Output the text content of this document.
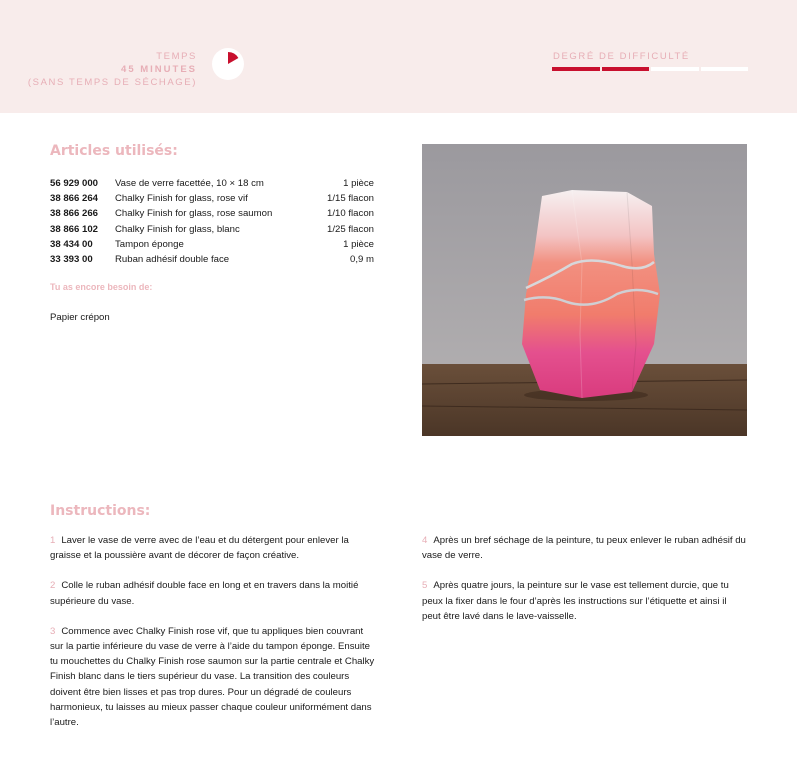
TEMPS
45 MINUTES
(SANS TEMPS DE SÉCHAGE)
DEGRÉ DE DIFFICULTÉ
Articles utilisés:
56 929 000	Vase de verre facettée, 10 × 18 cm	1 pièce
38 866 264	Chalky Finish for glass, rose vif	1/15 flacon
38 866 266	Chalky Finish for glass, rose saumon	1/10 flacon
38 866 102	Chalky Finish for glass, blanc	1/25 flacon
38 434 00	Tampon éponge	1 pièce
33 393 00	Ruban adhésif double face	0,9 m
Tu as encore besoin de:
Papier crépon
Instructions:

1 Laver le vase de verre avec de l’eau et du détergent pour enlever la graisse et la poussière avant de décorer de façon créative.

2 Colle le ruban adhésif double face en long et en travers dans la moitié supérieure du vase.

3 Commence avec Chalky Finish rose vif, que tu appliques bien couvrant sur la partie inférieure du vase de verre à l’aide du tampon éponge. Ensuite tu mouchettes du Chalky Finish rose saumon sur la partie centrale et Chalky Finish blanc dans le tiers supérieur du vase. La transition des couleurs doivent être bien lisses et pas trop dures. Pour un dégradé de couleurs harmonieux, tu laisses au mieux passer chaque couleur uniformément dans l’autre.

4 Après un bref séchage de la peinture, tu peux enlever le ruban adhésif du vase de verre.

5 Après quatre jours, la peinture sur le vase est tellement durcie, que tu peux la fixer dans le four d’après les instructions sur l’étiquette et ainsi il peut être lavé dans le lave-vaisselle.
